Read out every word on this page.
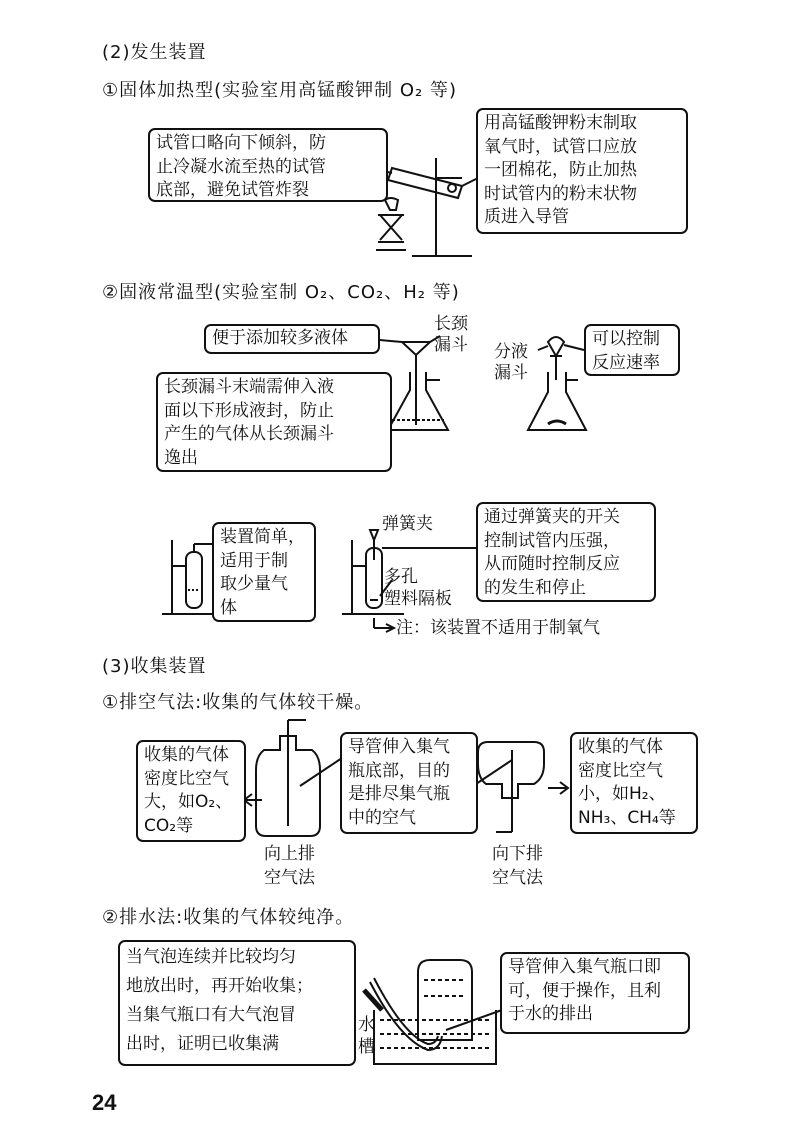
(2)发生装置
①固体加热型(实验室用高锰酸钾制 O₂ 等)
②固液常温型(实验室制 O₂、CO₂、H₂ 等)
(3)收集装置
①排空气法:收集的气体较干燥。
②排水法:收集的气体较纯净。
试管口略向下倾斜，防
止冷凝水流至热的试管
底部，避免试管炸裂
用高锰酸钾粉末制取
氧气时，试管口应放
一团棉花，防止加热
时试管内的粉末状物
质进入导管
便于添加较多液体
长颈
漏斗
长颈漏斗末端需伸入液
面以下形成液封，防止
产生的气体从长颈漏斗
逸出
分液
漏斗
可以控制
反应速率
装置简单，
适用于制
取少量气
体
弹簧夹	通过弹簧夹的开关
控制试管内压强，
从而随时控制反应
的发生和停止
多孔
塑料隔板
注：该装置不适用于制氧气
收集的气体
密度比空气
大，如O₂、
CO₂等
向上排
空气法
导管伸入集气
瓶底部，目的
是排尽集气瓶
中的空气
向下排
空气法
收集的气体
密度比空气
小，如H₂、
NH₃、CH₄等
当气泡连续并比较均匀
地放出时，再开始收集；
当集气瓶口有大气泡冒
出时，证明已收集满
水
槽
导管伸入集气瓶口即
可，便于操作，且利
于水的排出
24
